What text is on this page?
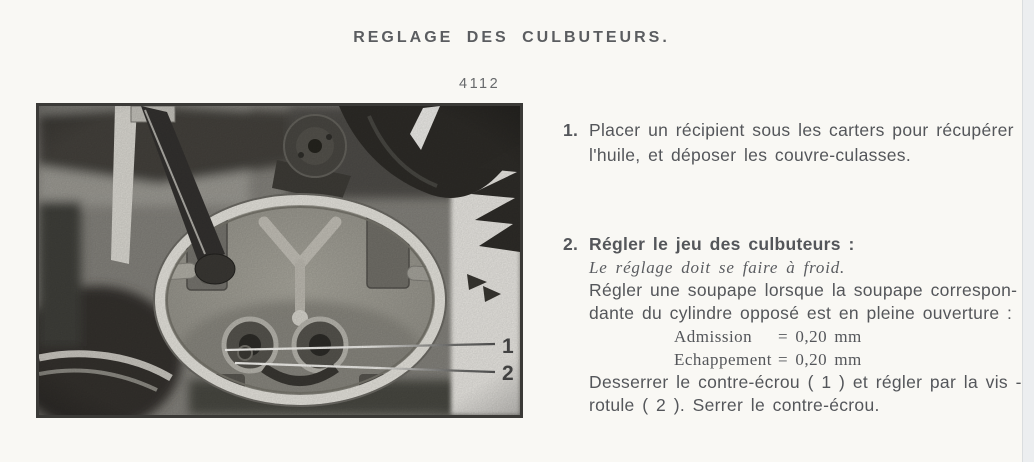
REGLAGE DES CULBUTEURS.
4112
1. Placer un récipient sous les carters pour récupérer
l'huile, et déposer les couvre-culasses.
2. Régler le jeu des culbuteurs :
Le réglage doit se faire à froid.
Régler une soupape lorsque la soupape correspon-
dante du cylindre opposé est en pleine ouverture :
Admission	= 0,20 mm
Echappement = 0,20 mm
Desserrer le contre-écrou ( 1 ) et régler par la vis -
rotule ( 2 ). Serrer le contre-écrou.
